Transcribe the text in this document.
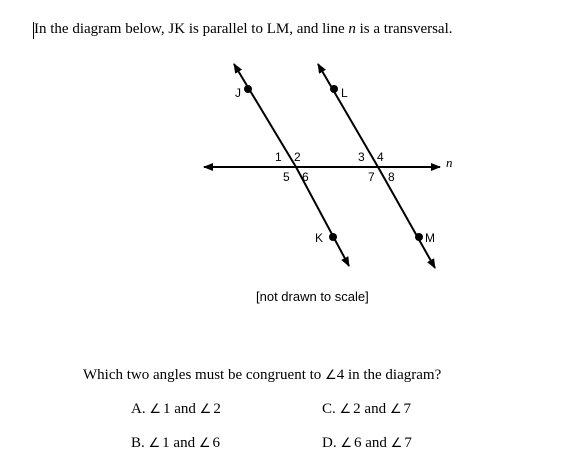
In the diagram below, JK is parallel to LM, and line n is a transversal.
J	L
K	M
n
1 2
5 6
3 4
7 8
[not drawn to scale]
Which two angles must be congruent to ∠4 in the diagram?
A. ∠ 1 and ∠ 2
B. ∠ 1 and ∠ 6
C. ∠ 2 and ∠ 7
D. ∠ 6 and ∠ 7
